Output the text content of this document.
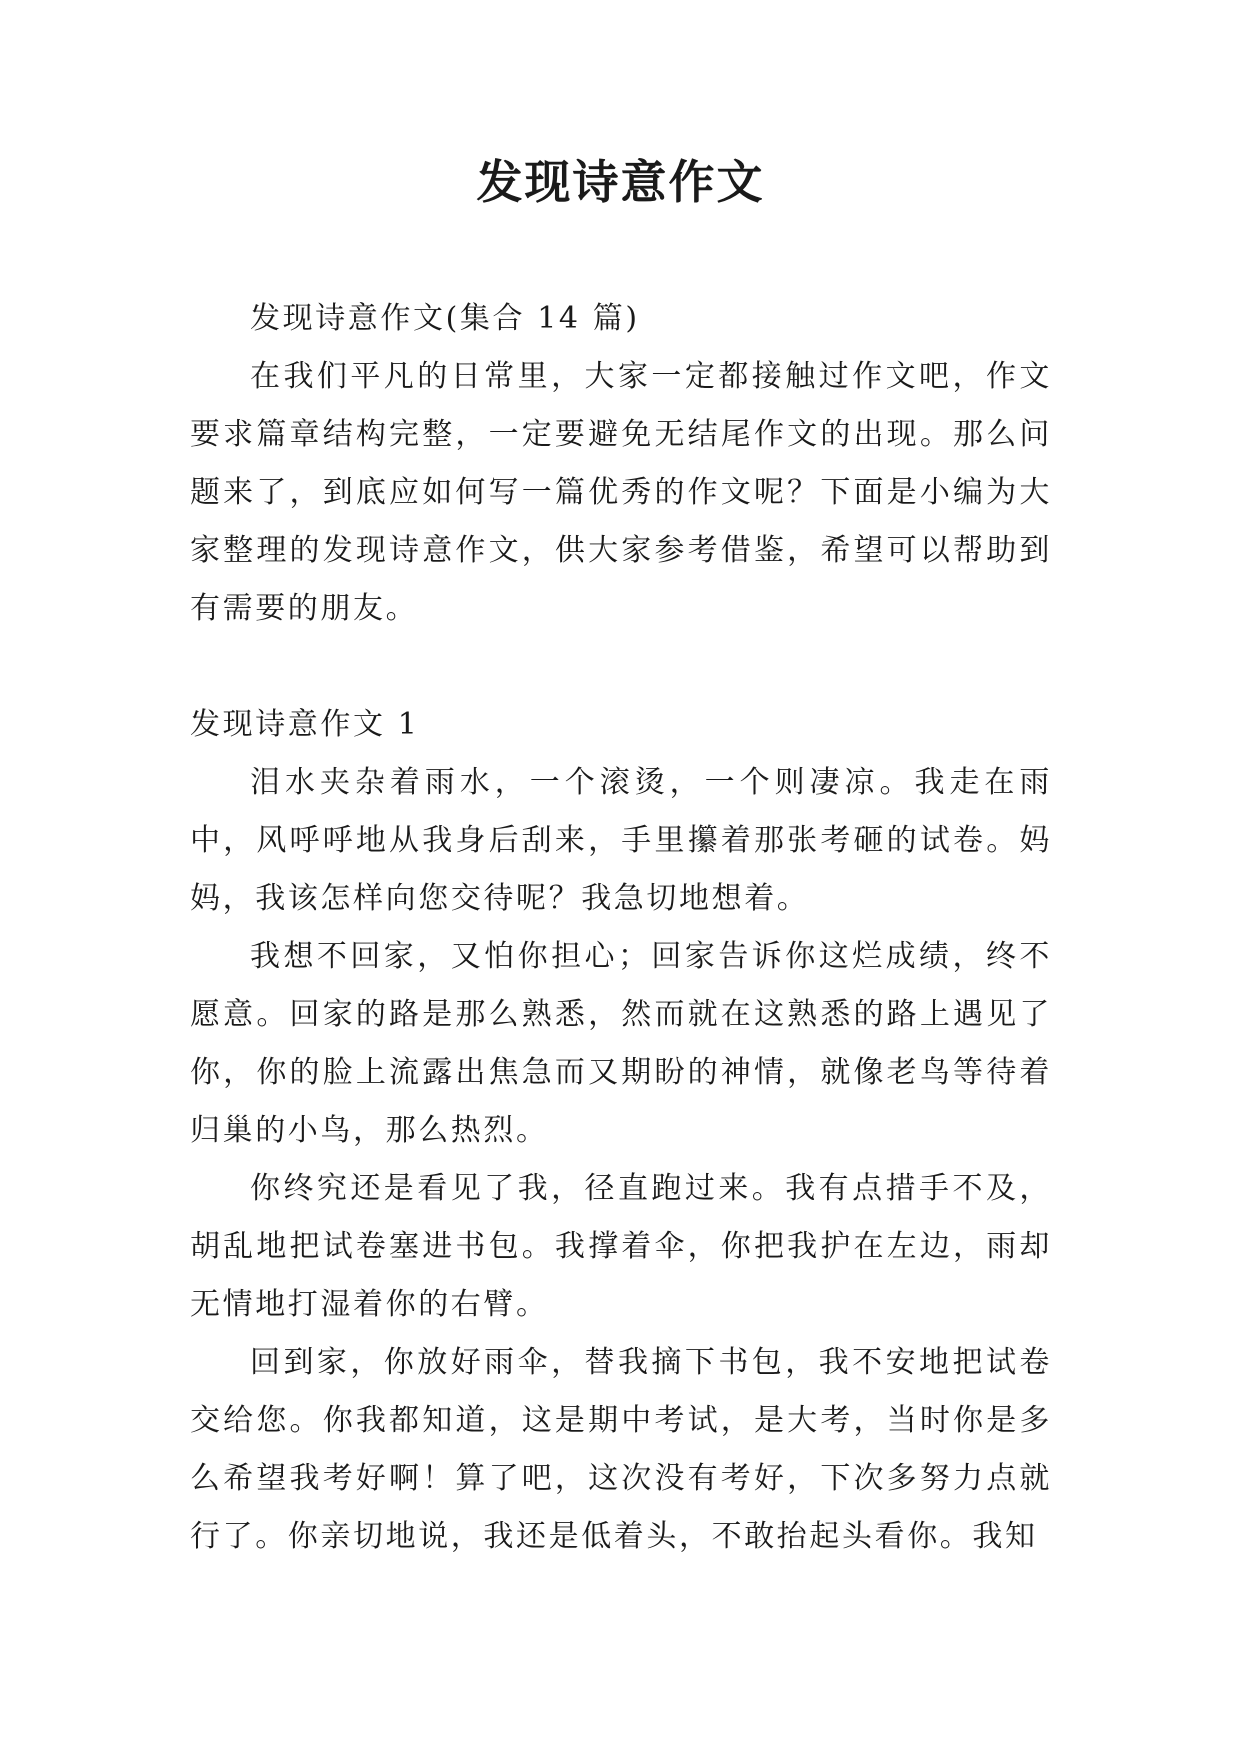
发现诗意作文

发现诗意作文(集合 14 篇)

在我们平凡的日常里，大家一定都接触过作文吧，作文要求篇章结构完整，一定要避免无结尾作文的出现。那么问题来了，到底应如何写一篇优秀的作文呢？下面是小编为大家整理的发现诗意作文，供大家参考借鉴，希望可以帮助到有需要的朋友。

发现诗意作文 1

泪水夹杂着雨水，一个滚烫，一个则凄凉。我走在雨中，风呼呼地从我身后刮来，手里攥着那张考砸的试卷。妈妈，我该怎样向您交待呢？我急切地想着。

我想不回家，又怕你担心；回家告诉你这烂成绩，终不愿意。回家的路是那么熟悉，然而就在这熟悉的路上遇见了你，你的脸上流露出焦急而又期盼的神情，就像老鸟等待着归巢的小鸟，那么热烈。

你终究还是看见了我，径直跑过来。我有点措手不及，胡乱地把试卷塞进书包。我撑着伞，你把我护在左边，雨却无情地打湿着你的右臂。

回到家，你放好雨伞，替我摘下书包，我不安地把试卷交给您。你我都知道，这是期中考试，是大考，当时你是多么希望我考好啊！算了吧，这次没有考好，下次多努力点就行了。你亲切地说，我还是低着头，不敢抬起头看你。我知
